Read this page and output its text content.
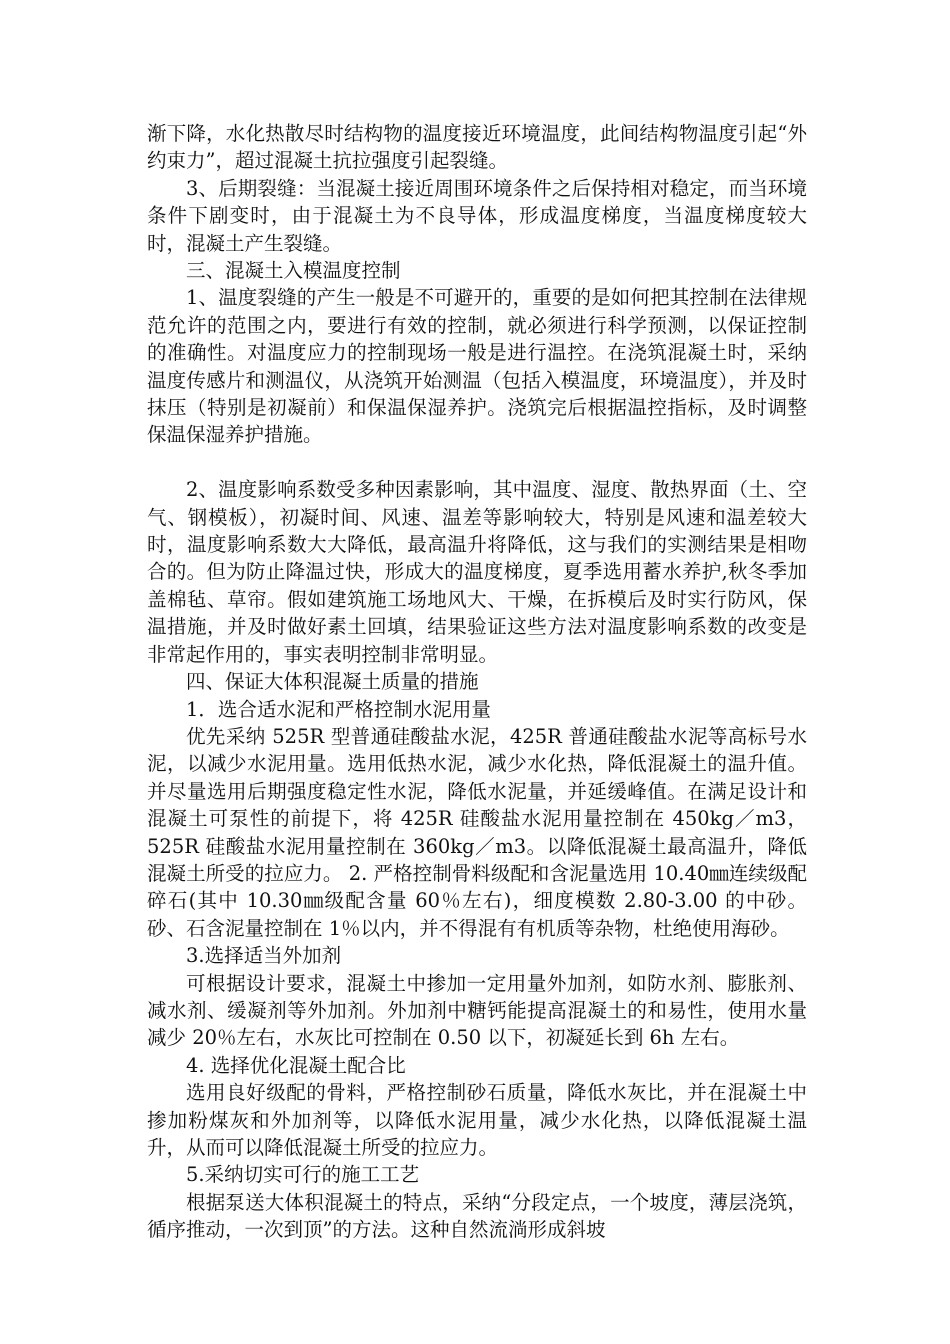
渐下降，水化热散尽时结构物的温度接近环境温度，此间结构物温度引起“外约束力”，超过混凝土抗拉强度引起裂缝。

3、后期裂缝：当混凝土接近周围环境条件之后保持相对稳定，而当环境条件下剧变时，由于混凝土为不良导体，形成温度梯度，当温度梯度较大时，混凝土产生裂缝。

三、混凝土入模温度控制

1、温度裂缝的产生一般是不可避开的，重要的是如何把其控制在法律规范允许的范围之内，要进行有效的控制，就必须进行科学预测，以保证控制的准确性。对温度应力的控制现场一般是进行温控。在浇筑混凝土时，采纳温度传感片和测温仪，从浇筑开始测温（包括入模温度，环境温度），并及时抹压（特别是初凝前）和保温保湿养护。浇筑完后根据温控指标，及时调整保温保湿养护措施。

2、温度影响系数受多种因素影响，其中温度、湿度、散热界面（土、空气、钢模板），初凝时间、风速、温差等影响较大，特别是风速和温差较大时，温度影响系数大大降低，最高温升将降低，这与我们的实测结果是相吻合的。但为防止降温过快，形成大的温度梯度，夏季选用蓄水养护,秋冬季加盖棉毡、草帘。假如建筑施工场地风大、干燥，在拆模后及时实行防风，保温措施，并及时做好素土回填，结果验证这些方法对温度影响系数的改变是非常起作用的，事实表明控制非常明显。

四、保证大体积混凝土质量的措施

1．选合适水泥和严格控制水泥用量

优先采纳 525R 型普通硅酸盐水泥，425R 普通硅酸盐水泥等高标号水泥，以减少水泥用量。选用低热水泥，减少水化热，降低混凝土的温升值。并尽量选用后期强度稳定性水泥，降低水泥量，并延缓峰值。在满足设计和混凝土可泵性的前提下，将 425R 硅酸盐水泥用量控制在 450kg／m3，525R 硅酸盐水泥用量控制在 360kg／m3。以降低混凝土最高温升，降低混凝土所受的拉应力。 2. 严格控制骨料级配和含泥量选用 10.40㎜连续级配碎石(其中 10.30㎜级配含量 60％左右)，细度模数 2.80-3.00 的中砂。砂、石含泥量控制在 1％以内，并不得混有有机质等杂物，杜绝使用海砂。

3.选择适当外加剂

可根据设计要求，混凝土中掺加一定用量外加剂，如防水剂、膨胀剂、减水剂、缓凝剂等外加剂。外加剂中糖钙能提高混凝土的和易性，使用水量减少 20％左右，水灰比可控制在 0.50 以下，初凝延长到 6h 左右。

4. 选择优化混凝土配合比

选用良好级配的骨料，严格控制砂石质量，降低水灰比，并在混凝土中掺加粉煤灰和外加剂等，以降低水泥用量，减少水化热，以降低混凝土温升，从而可以降低混凝土所受的拉应力。

5.采纳切实可行的施工工艺

根据泵送大体积混凝土的特点，采纳“分段定点，一个坡度，薄层浇筑，循序推动，一次到顶”的方法。这种自然流淌形成斜坡
